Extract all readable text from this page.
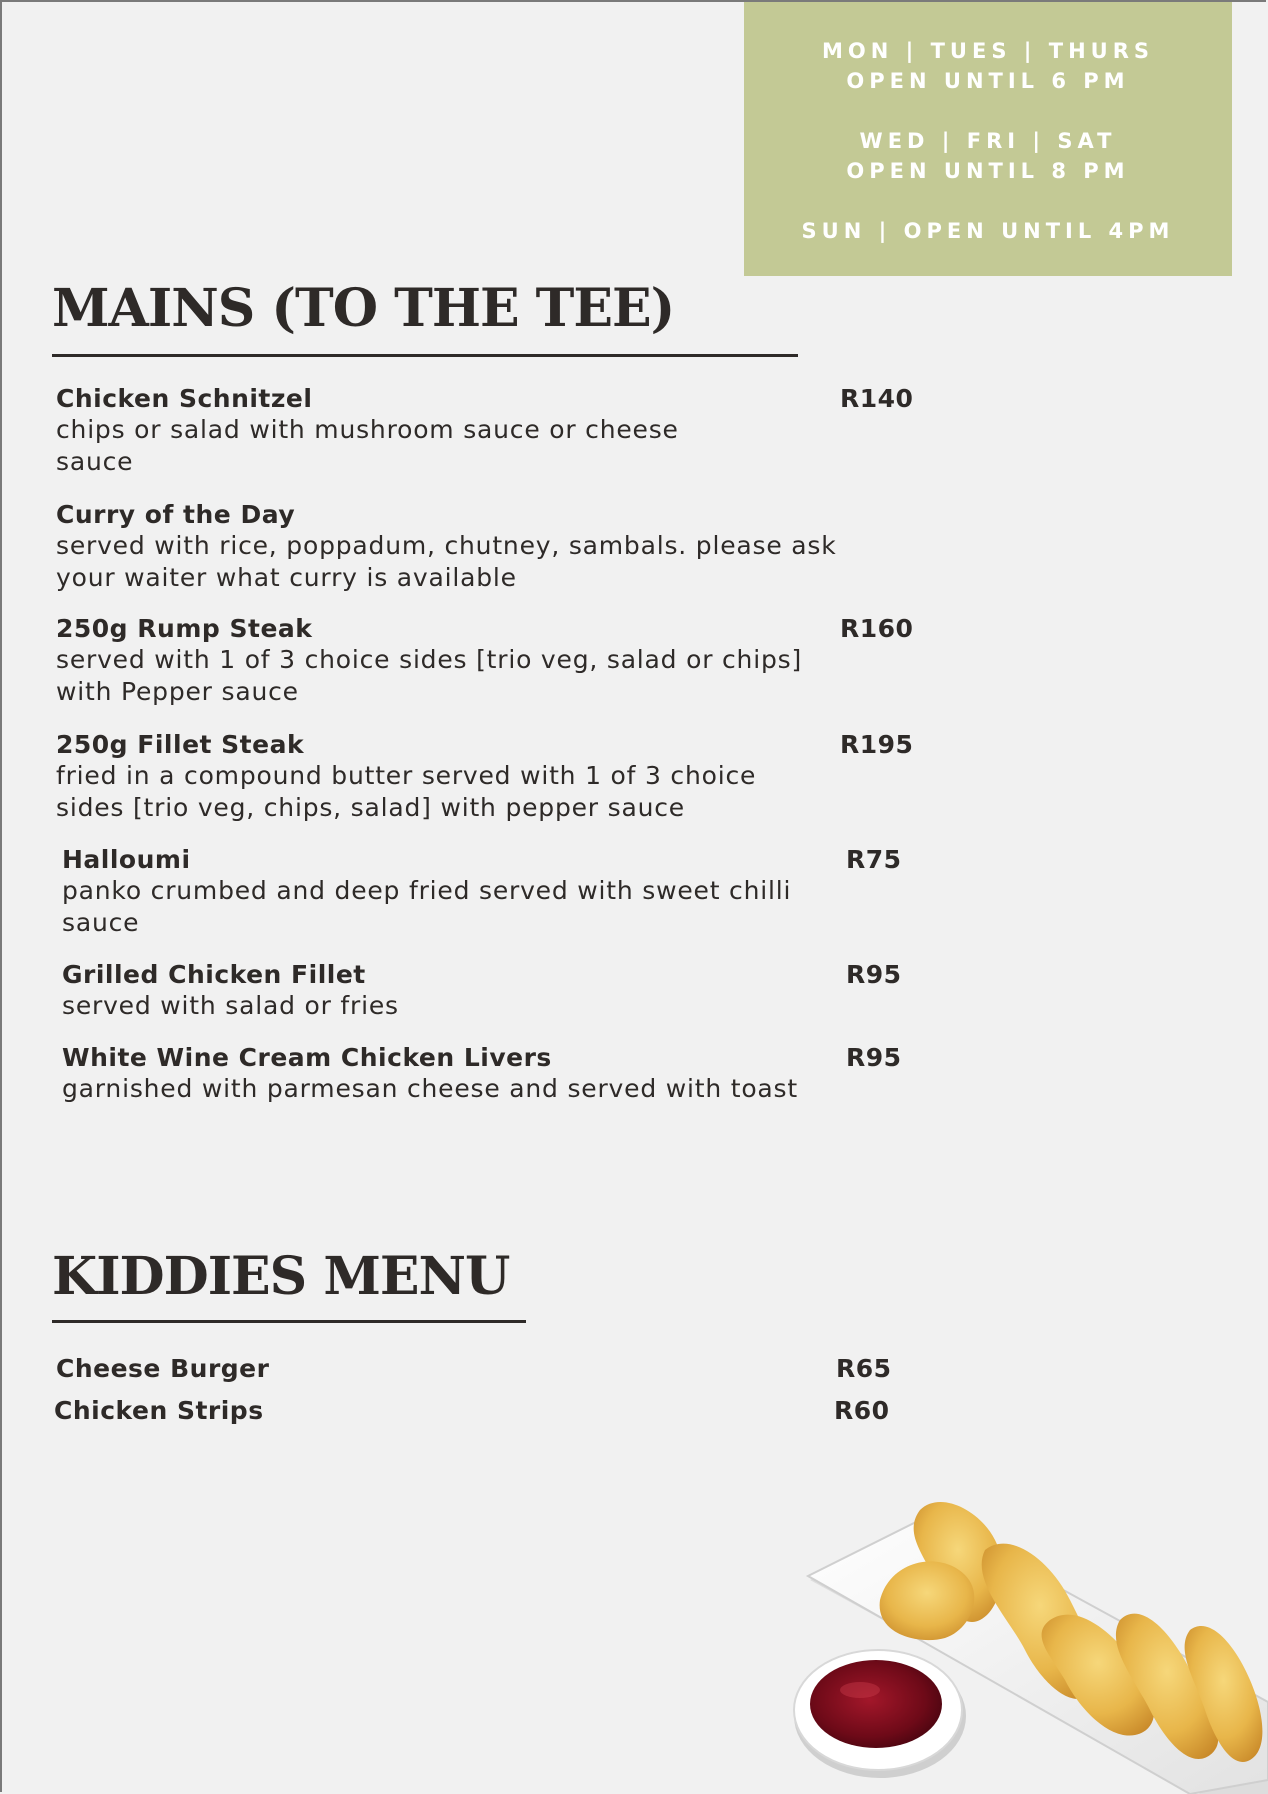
MON | TUES | THURS
OPEN UNTIL 6 PM
WED | FRI | SAT
OPEN UNTIL 8 PM
SUN | OPEN UNTIL 4PM
MAINS (TO THE TEE)
Chicken Schnitzel
chips or salad with mushroom sauce or cheese sauce
R140
Curry of the Day
served with rice, poppadum, chutney, sambals. please ask your waiter what curry is available
250g Rump Steak
served with 1 of 3 choice sides [trio veg, salad or chips] with Pepper sauce
R160
250g Fillet Steak
fried in a compound butter served with 1 of 3 choice sides [trio veg, chips, salad] with pepper sauce
R195
Halloumi
panko crumbed and deep fried served with sweet chilli sauce
R75
Grilled Chicken Fillet
served with salad or fries
R95
White Wine Cream Chicken Livers
garnished with parmesan cheese and served with toast
R95
KIDDIES MENU
Cheese Burger	R65
Chicken Strips	R60
